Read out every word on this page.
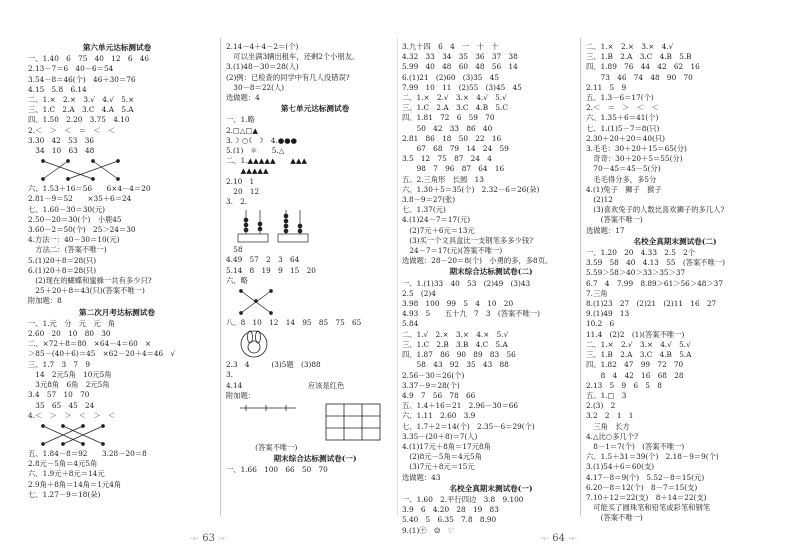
第六单元达标测试卷
一、1.40　6　75　40　12　6　46
2.13－7＝6　40－6＝54
3.54－8＝46(个)　46＋30＝76
4.15　5.8　6.14
二、1.×　2.×　3.√　4.√　5.×
三、1.C　2.A　3.C　4.A　5.A
四、1.50　2.20　3.75　4.10
2.＜　＞　＜　＝　＜　＜
3.30　42　53　36
　34　10　63　48
六、1.53＋16＝56　　6×4－4＝20
2.81－9＝52　　×35＋6＝24
七、1.60－30＝30(元)
2.50－20＝30(个)　小鹿45
3.60－2＝50(个)　25＞24＝30
4.方法一：40－30＝10(元)
　方法二：(答案不唯一)
5.(1)20＋8＝28(只)
6.(1)20＋8＝28(只)
　(2)现在的蝴蝶和蜜蜂一共有多少只?
　25＋20＋8＝43(只)(答案不唯一)
附加题：8
第二次月考达标测试卷
一、1.元　分　元　元　角
2.60　20　10　80　30
二、×72＋8＝80　×64－4＝60　×
＞85－(40＋6)＝45　×62－20＋4＝46　√
三、1.7　3　7　9
　14　2元5角　10元5角
　3元8角　6角　2元5角
3.4　57　10　70
　35　65　45　24
4.＜　＞　＞　＜　＞　＜
五、1.84－8＝92　　3.28－20＝8
2.8元－5角＝4元5角
六、1.9元＋8元＝14元
2.9角＋8角＝14角＝1元4角
七、1.27－9＝18(朵)
2.14－4＋4－2＝(个)
　可以坐满3辆出租车，还剩2个小朋友。
3.(1)48－30＝28(人)
(2)例：已检查的同学中有几人没错误?
　30－8＝22(人)
选做题：4
第七单元达标测试卷
一、1.略
2.□△□▲
3.☽ ○☾ ☽　4.●●●
5.(1)　☼　　5.△
二、1.▲▲▲▲▲　　▲▲▲
　　▲▲▲▲▲
2.10　1
　20　12
3.　2.
　58
4.49　57　2　3　64
5.14　8　19　9　15　20
六、略
八、8　10　12　14　95　85　75　65
2.3　4　　　(3)5题　(3)88
3.
4.14　　　　　　　　　应该是红色
附加题：
　　　　(答案不唯一)
期末综合达标测试卷(一)
一、1.66　100　66　50　70
3.九十四　6　4　一　十　十
4.32　33　34　35　36　37　38
5.99　40　48　60　48　56　14
6.(1)21　(2)60　(3)35　45
7.99　10　11　(2)55　(3)45　45
二、1.×　2.√　3.×　4.√　5.√
三、1.C　2.A　3.C　4.B　5.C
四、1.81　72　6　59　70
　　50　42　33　86　40
2.81　86　18　50　22　16
　　67　68　79　14　24　59
3.5　12　75　87　24　4
　　98　7　96　87　64　16
五、2.三角形　长圆　13
六、1.30＋5＝35(个)　2.32－6＝26(朵)
3.8－9＝27(张)
七、1.37(元)
4.(1)24－7＝17(元)
　(2)7元＋6元＝13元
　(3)买一个文具盒比一支钢笔多多少钱?
　24－7＝17(元)(答案不唯一)
选做题：28－20＝8(个)　小勇的多，多8页。
期末综合达标测试卷(二)
一、1.(1)33　40　53　(2)49　(3)43
2.5　(2)4
3.98　100　99　5　4　10　20
4.93　5　　五十九　7　3　(答案不唯一)
5.84
二、1.√　2.×　3.×　4.×　5.√
三、1.C　2.B　3.B　4.C　5.A
四、1.87　86　90　89　83　56
　　58　43　92　35　43　88
2.56－30＝26(个)
3.37－9＝28(个)
4.9　7　56　78　66
五、1.4＋16＝21　2.96－30＝66
六、1.11　2.60　3.9
七、1.7＋2＝14(个)　2.35－6＝29(个)
3.35－(20＋8)＝7(人)
4.(1)17元＋8角＝17元8角
　(2)8元－5角＝4元5角
　(3)7元＋8元＝15元
选做题：43
名校全真期末测试卷(一)
一、1.60　2.平行四边　3.8　9.100
3.9　6　4.20　28　19　83
5.40　5　6.35　7.8　8.90
9.(1)㊉　☺　♡
二、1.×　2.×　3.×　4.√
三、1.B　2.A　3.C　4.B　5.B
四、1.89　76　44　42　62　16
　　73　46　74　48　90　70
2.11　5　9
五、1.3－6＝17(个)
2.＜　＝　＞　＜　＜
六、1.35＋6＝41(个)
七、1.(1)5－7＝8(只)
2.30＋20＋20＝40(只)
3.毛毛：30＋20＋15＝65(分)
　奇奇：30＋20＋5＝55(分)
　70－45＝45－5(分)
　毛毛得分多，多5分
4.(1)兔子　狮子　猴子
　(2)12
　(3)喜欢兔子的人数比喜欢狮子的多几人?
　　(答案不唯一)
选做题：17
名校全真期末测试卷(二)
一、1.20　20　4.33　2.5　2个
3.59　58　40　4.13　55　(答案不唯一)
5.59＞58＞40＞33＞35＞37
6.7　4　7.99　8.89＞61＞56＞48＞37
7.三角
8.(1)23　27　(2)21　(2)11　16　27
9.(1)49　13
10.2　6
11.4　(2)2　(1)(答案不唯一)
二、1.×　2.√　3.×　4.√　5.√
三、1.B　2.A　3.C　4.B　5.A
四、1.82　47　99　72　70
　　8　4　42　16　68　28
2.13　5　9　6　5　8
五、1.□　3
2.(3)　2
3.2　2　1　1
　三角　长方
4.△比○多几个?
　8－1＝7(个)　(答案不唯一)
六、1.5＋31＝39(个)　2.18－9＝9(个)
3.(1)54＋6＝60(支)
4.17－8＝9(个)　5.52－8＝15(元)
6.20－8＝12(个)　8－7＝15(支)
7.10＋12＝22(支)　8＋14＝22(支)
　可能买了圆珠笔和铅笔或彩笔和钢笔
　　(答案不唯一)
·∘· 63 ·∘·	·∘· 64 ·∘·
